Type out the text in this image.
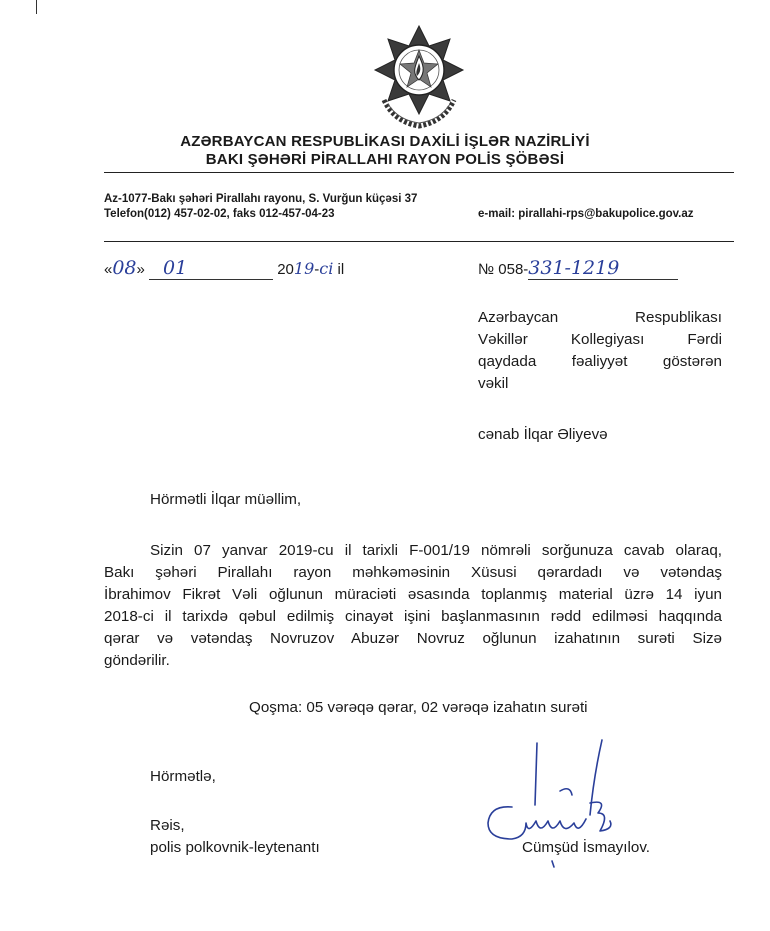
AZƏRBAYCAN RESPUBLİKASI DAXİLİ İŞLƏR NAZİRLİYİ
BAKI ŞƏHƏRİ PİRALLAHI RAYON POLİS ŞÖBƏSİ
Az-1077-Bakı şəhəri Pirallahı rayonu, S. Vurğun küçəsi 37
Telefon(012) 457-02-02, faks 012-457-04-23	e-mail: pirallahi-rps@bakupolice.gov.az
«08» 01	2019-ci il	№ 058-331-1219
Azərbaycan Respublikası
Vəkillər Kollegiyası Fərdi
qaydada fəaliyyət göstərən
vəkil
cənab İlqar Əliyevə
Hörmətli İlqar müəllim,
Sizin 07 yanvar 2019-cu il tarixli F-001/19 nömrəli sorğunuza cavab olaraq,
Bakı şəhəri Pirallahı rayon məhkəməsinin Xüsusi qərardadı və vətəndaş
İbrahimov Fikrət Vəli oğlunun müraciəti əsasında toplanmış material üzrə 14 iyun
2018-ci il tarixdə qəbul edilmiş cinayət işini başlanmasının rədd edilməsi haqqında
qərar və vətəndaş Novruzov Abuzər Novruz oğlunun izahatının surəti Sizə
göndərilir.
Qoşma: 05 vərəqə qərar, 02 vərəqə izahatın surəti
Hörmətlə,
Rəis,
polis polkovnik-leytenantı	Cümşüd İsmayılov.
